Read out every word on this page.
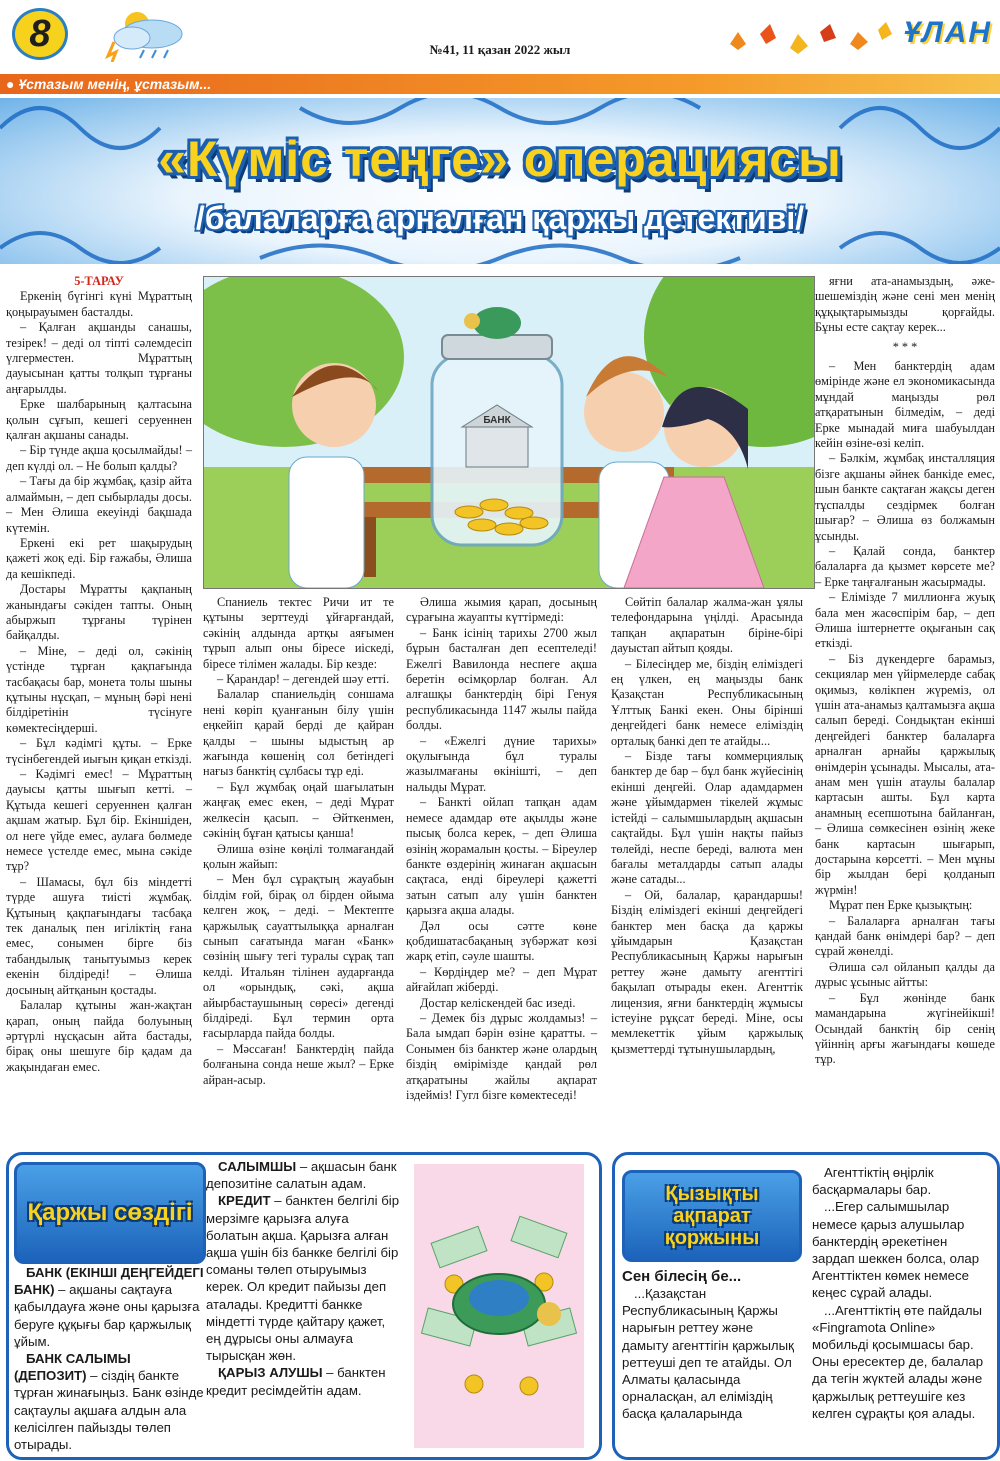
8	№41, 11 қазан 2022 жыл
ҰЛАН
● Ұстазым менің, ұстазым...
«Күміс теңге» операциясы
/балаларға арналған қаржы детективі/

5-ТАРАУ

Еркенің бүгінгі күні Мұраттың қоңырауымен басталды.

– Қалған ақшанды санашы, тезірек! – деді ол тіпті сәлемдесіп үлгерместен. Мұраттың дауысынан қатты толқып тұрғаны аңғарылды.

Ерке шалбарының қалтасына қолын сұғып, кешегі серуеннен қалған ақшаны санады.

– Бір түнде ақша қосылмайды! – деп күлді ол. – Не болып қалды?

– Тағы да бір жұмбақ, қазір айта алмаймын, – деп сыбырлады досы. – Мен Әлиша екеуінді бақшада күтемін.

Еркені екі рет шақырудың қажеті жоқ еді. Бір ғажабы, Әлиша да кешікпеді.

Достары Мұратты қақпаның жанындағы сәкіден тапты. Оның абыржып тұрғаны түрінен байқалды.

– Міне, – деді ол, сәкінің үстінде тұрған қақпағында тасбақасы бар, монета толы шыны құтыны нұсқап, – мұның бәрі нені білдіретінін түсінуге көмектесіңдерші.

– Бұл кәдімгі құты. – Ерке түсінбегендей иығын қиқан еткізді.

– Кәдімгі емес! – Мұраттың дауысы қатты шығып кетті. – Құтыда кешегі серуеннен қалған ақшам жатыр. Бұл бір. Екіншіден, ол неге үйде емес, аулаға бөлмеде немесе үстелде емес, мына сәкіде тұр?

– Шамасы, бұл біз міндетті түрде ашуға тиісті жұмбақ. Құтының қақпағындағы тасбақа тек даналық пен игіліктің ғана емес, сонымен бірге біз табандылық танытуымыз керек екенін білдіреді! – Әлиша досының айтқанын қостады.

Балалар құтыны жан-жақтан қарап, оның пайда болуының әртүрлі нұсқасын айта бастады, бірақ оны шешуге бір қадам да жақындаған емес.

БАНК

Спаниель тектес Ричи ит те құтыны зерттеуді ұйғарғандай, сәкінің алдында артқы аяғымен тұрып алып оны біресе иіскеді, біресе тілімен жалады. Бір кезде:

– Қарандар! – дегендей шәу етті.

Балалар спаниельдің соншама нені көріп қуанғанын білу үшін еңкейіп қарай берді де қайран қалды – шыны ыдыстың ар жағында көшенің сол бетіндегі нағыз банктің сұлбасы тұр еді.

– Бұл жұмбақ оңай шағылатын жаңғақ емес екен, – деді Мұрат желкесін қасып. – Әйткенмен, сәкінің бұған қатысы қанша!

Әлиша өзіне көңілі толмағандай қолын жайып:

– Мен бұл сұрақтың жауабын білдім ғой, бірақ ол бірден ойыма келген жоқ, – деді. – Мектепте қаржылық сауаттылыққа арналған сынып сағатында маған «Банк» сөзінің шығу тегі туралы сұрақ тап келді. Итальян тілінен аударғанда ол «орындық, сәкі, ақша айырбастаушының сөресі» дегенді білдіреді. Бұл термин орта ғасырларда пайда болды.

– Мәссаған! Банктердің пайда болғанына сонда неше жыл? – Ерке айран-асыр.

Әлиша жымия қарап, досының сұрағына жауапты күттірмеді:

– Банк ісінің тарихы 2700 жыл бұрын басталған деп есептеледі! Ежелгі Вавилонда неспеге ақша беретін өсімқорлар болған. Ал алғашқы банктердің бірі Генуя республикасында 1147 жылы пайда болды.

– «Ежелгі дүние тарихы» оқулығында бұл туралы жазылмағаны өкінішті, – деп налыды Мұрат.

– Банкті ойлап тапқан адам немесе адамдар өте ақылды және пысық болса керек, – деп Әлиша өзінің жорамалын қосты. – Біреулер банкте өздерінің жинаған ақшасын сақтаса, енді біреулері қажетті затын сатып алу үшін банктен қарызға ақша алады.

Дәл осы сәтте көне қобдишатасбақаның зүбәржат көзі жарқ етіп, сәуле шашты.

– Көрдіңдер ме? – деп Мұрат айғайлап жіберді.

Достар келіскендей бас изеді.

– Демек біз дұрыс жолдамыз! – Бала ымдап бәрін өзіне қаратты. – Сонымен біз банктер және олардың біздің өмірімізде қандай рөл атқаратыны жайлы ақпарат іздейміз! Гугл бізге көмектеседі!

Сөйтіп балалар жалма-жан ұялы телефондарына үңілді. Арасында тапқан ақпаратын біріне-бірі дауыстап айтып қояды.

– Білесіңдер ме, біздің еліміздегі ең үлкен, ең маңызды банк Қазақстан Республикасының Ұлттық Банкі екен. Оны бірінші деңгейдегі банк немесе еліміздің орталық банкі деп те атайды...

– Бізде тағы коммерциялық банктер де бар – бұл банк жүйесінің екінші деңгейі. Олар адамдармен және ұйымдармен тікелей жұмыс істейді – салымшылардың ақшасын сақтайды. Бұл үшін нақты пайыз төлейді, неспе береді, валюта мен бағалы металдарды сатып алады және сатады...

– Ой, балалар, қарандаршы! Біздің еліміздегі екінші деңгейдегі банктер мен басқа да қаржы ұйымдарын Қазақстан Республикасының Қаржы нарығын реттеу және дамыту агенттігі бақылап отырады екен. Агенттік лицензия, яғни банктердің жұмысы істеуіне рұқсат береді. Міне, осы мемлекеттік ұйым қаржылық қызметтерді тұтынушылардың,

яғни ата-анамыздың, әже-шешеміздің және сені мен менің құқықтарымызды қорғайды. Бұны есте сақтау керек...

* * *

– Мен банктердің адам өмірінде және ел экономикасында мұндай маңызды рөл атқаратынын білмедім, – деді Ерке мынадай миға шабуылдан кейін өзіне-өзі келіп.

– Бәлкім, жұмбақ инсталляция бізге ақшаны әйнек банкіде емес, шын банкте сақтаған жақсы деген тұспалды сездірмек болған шығар? – Әлиша өз болжамын ұсынды.

– Қалай сонда, банктер балаларға да қызмет көрсете ме? – Ерке таңғалғанын жасырмады.

– Елімізде 7 миллионға жуық бала мен жасөспірім бар, – деп Әлиша іштернетте оқығанын сақ еткізді.

– Біз дүкендерге барамыз, секциялар мен үйірмелерде сабақ оқимыз, көлікпен жүреміз, ол үшін ата-анамыз қалтамызға ақша салып береді. Сондықтан екінші деңгейдегі банктер балаларға арналған арнайы қаржылық өнімдерін ұсынады. Мысалы, ата-анам мен үшін атаулы балалар картасын ашты. Бұл карта анамның есепшотына байланған, – Әлиша сөмкесінен өзінің жеке банк картасын шығарып, достарына көрсетті. – Мен мұны бір жылдан бері қолданып жүрмін!

Мұрат пен Ерке қызықтың:

– Балаларға арналған тағы қандай банк өнімдері бар? – деп сұрай жөнелді.

Әлиша сәл ойланып қалды да дұрыс ұсыныс айтты:

– Бұл жөнінде банк мамандарына жүгінейікші! Осындай банктің бір сенің үйіннің арғы жағындағы көшеде тұр.

Қаржы сөздігі

БАНК (ЕКІНШІ ДЕҢГЕЙДЕГІ БАНК) – ақшаны сақтауға қабылдауға және оны қарызға беруге құқығы бар қаржылық ұйым.

БАНК САЛЫМЫ (ДЕПОЗИТ) – сіздің банкте тұрған жинағыңыз. Банк өзінде сақтаулы ақшаға алдын ала келісілген пайызды төлеп отырады.

САЛЫМШЫ – ақшасын банк депозитіне салатын адам.

КРЕДИТ – банктен белгілі бір мерзімге қарызға алуға болатын ақша. Қарызға алған ақша үшін біз банкке белгілі бір соманы төлеп отыруымыз керек. Ол кредит пайызы деп аталады. Кредитті банкке міндетті түрде қайтару қажет, ең дұрысы оны алмауға тырысқан жөн.

ҚАРЫЗ АЛУШЫ – банктен кредит ресімдейтін адам.

Қызықты ақпарат қоржыны

Сен білесің бе...

...Қазақстан Республикасының Қаржы нарығын реттеу және дамыту агенттігін қаржылық реттеуші деп те атайды. Ол Алматы қаласында орналасқан, ал еліміздің басқа қалаларында

Агенттіктің өңірлік басқармалары бар.

...Егер салымшылар немесе қарыз алушылар банктердің әрекетінен зардап шеккен болса, олар Агенттіктен көмек немесе кеңес сұрай алады.

...Агенттіктің өте пайдалы «Fingramota Online» мобильді қосымшасы бар. Оны ересектер де, балалар да тегін жүктей алады және қаржылық реттеушіге кез келген сұрақты қоя алады.
